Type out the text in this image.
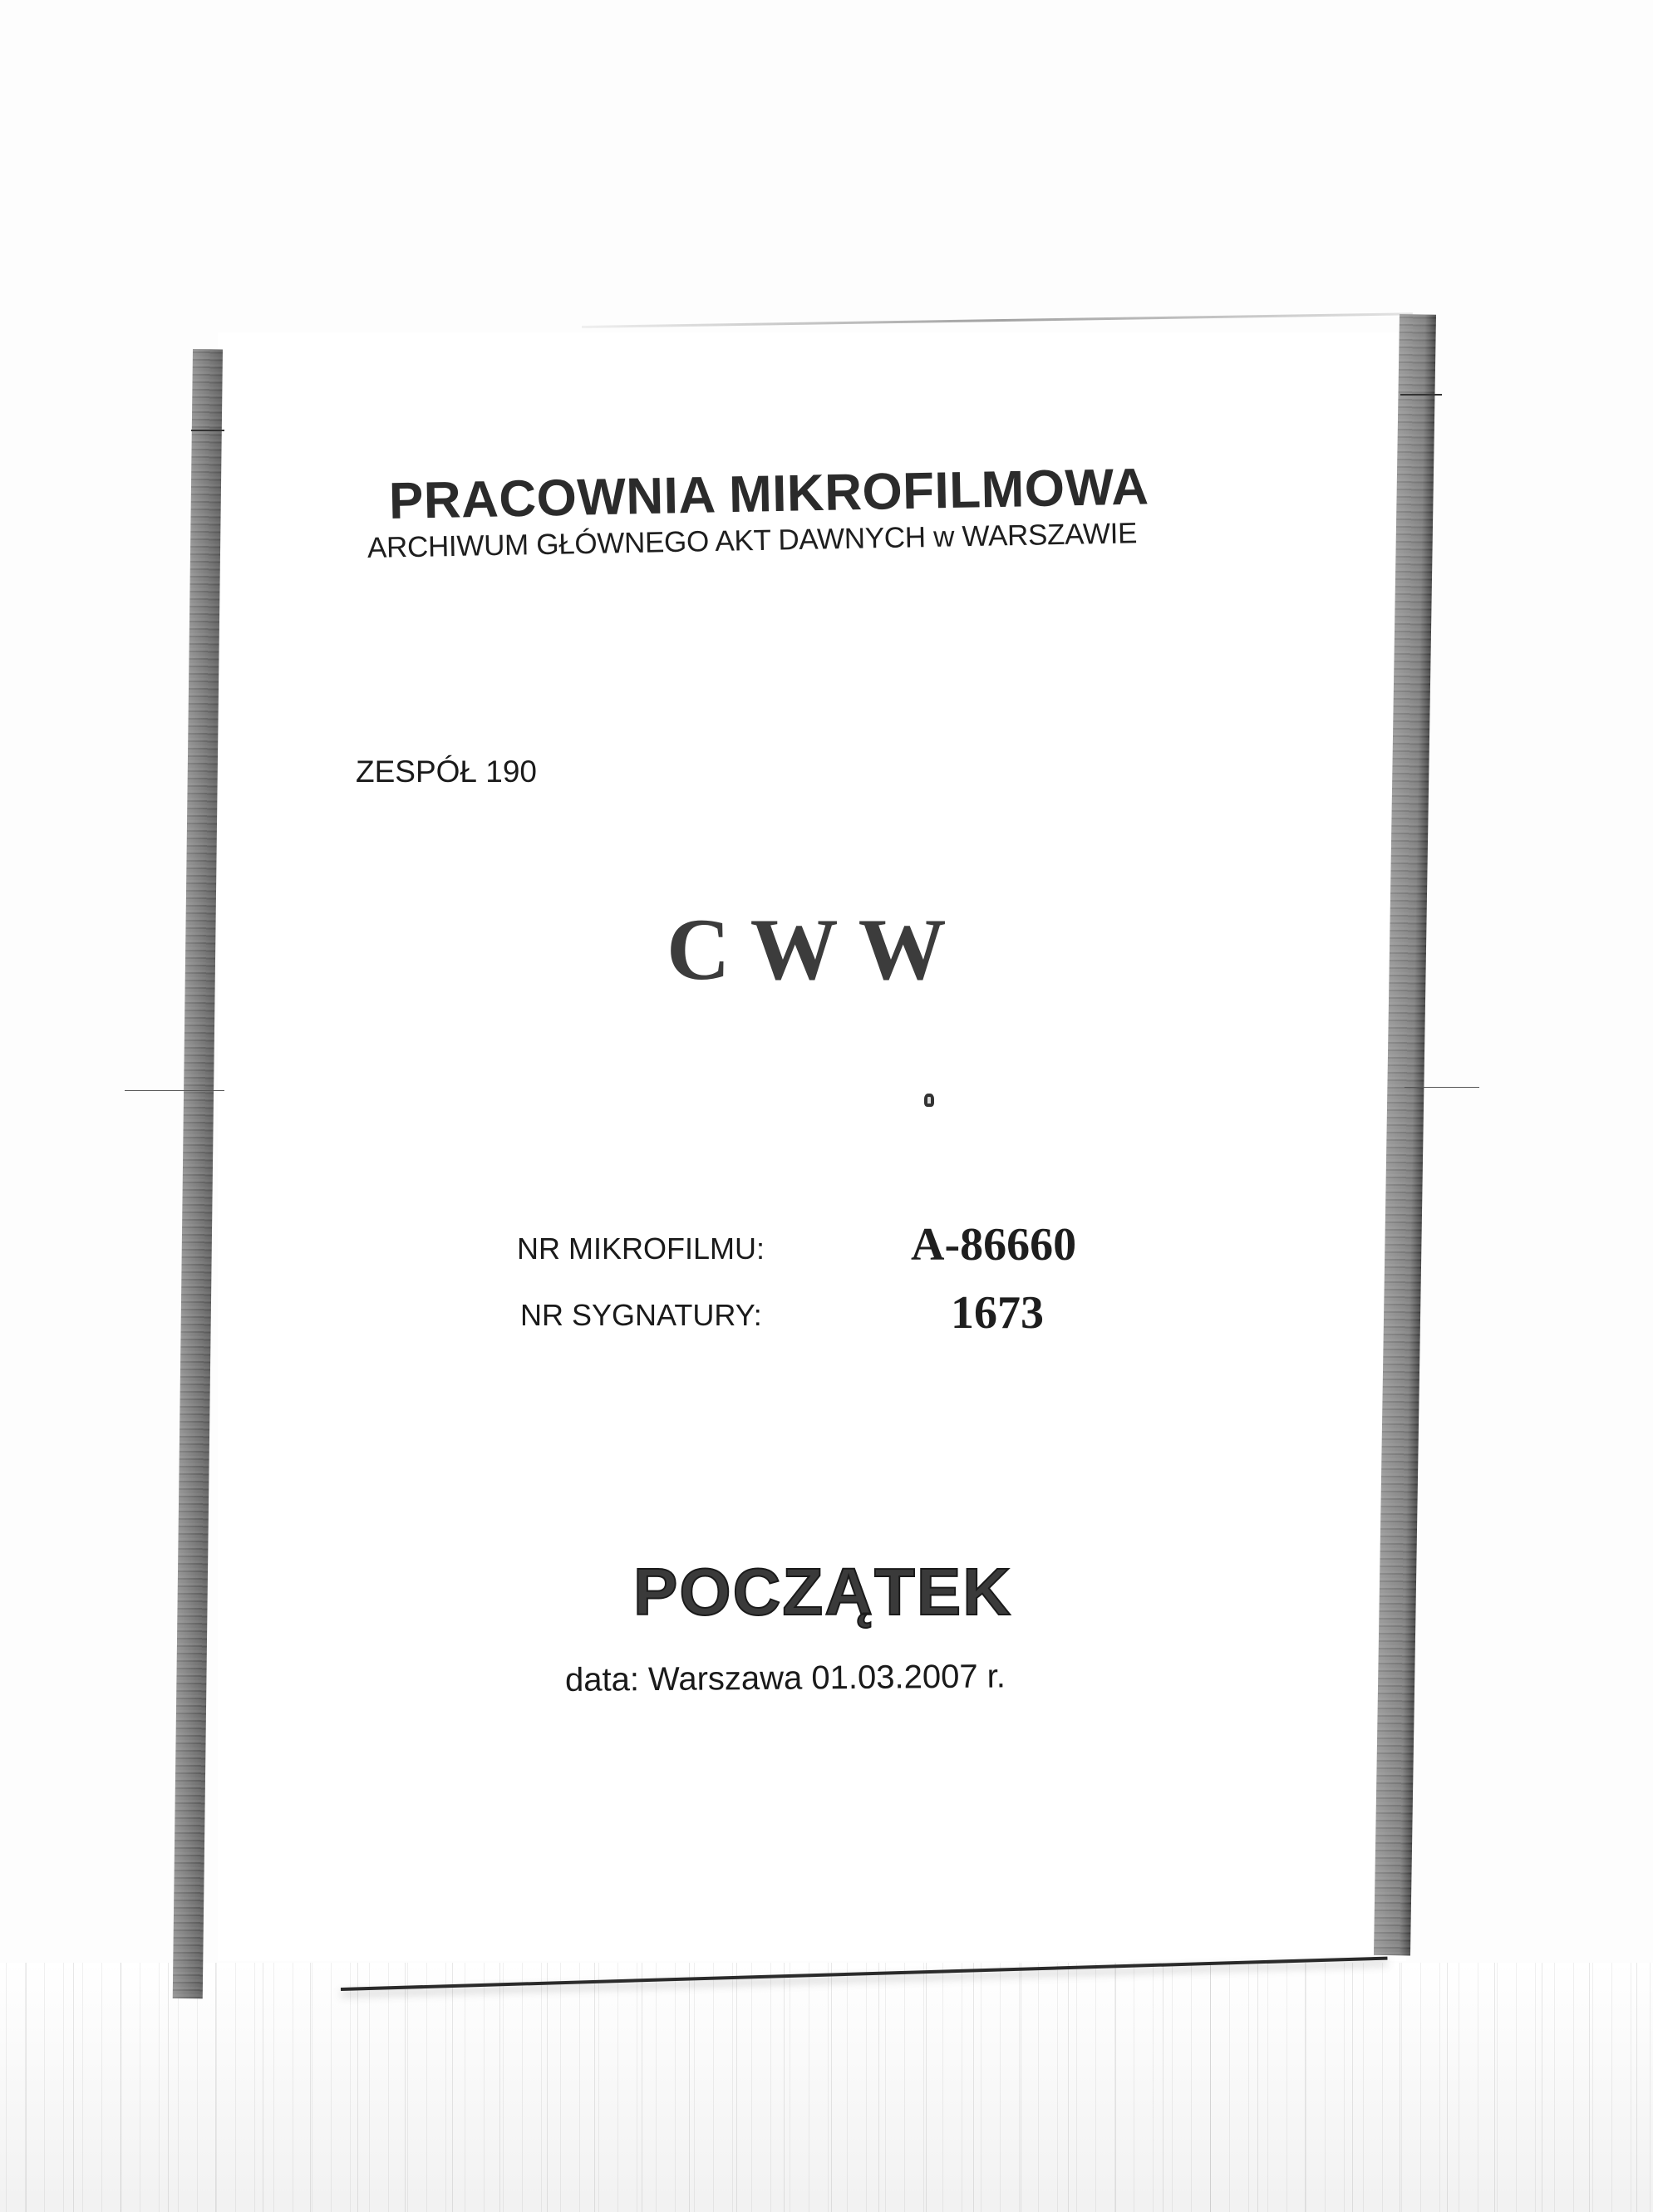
PRACOWNIA MIKROFILMOWA
ARCHIWUM GŁÓWNEGO AKT DAWNYCH w WARSZAWIE
ZESPÓŁ 190
C W W
NR MIKROFILMU:	A-86660
NR SYGNATURY:	1673
POCZĄTEK
data: Warszawa 01.03.2007 r.
